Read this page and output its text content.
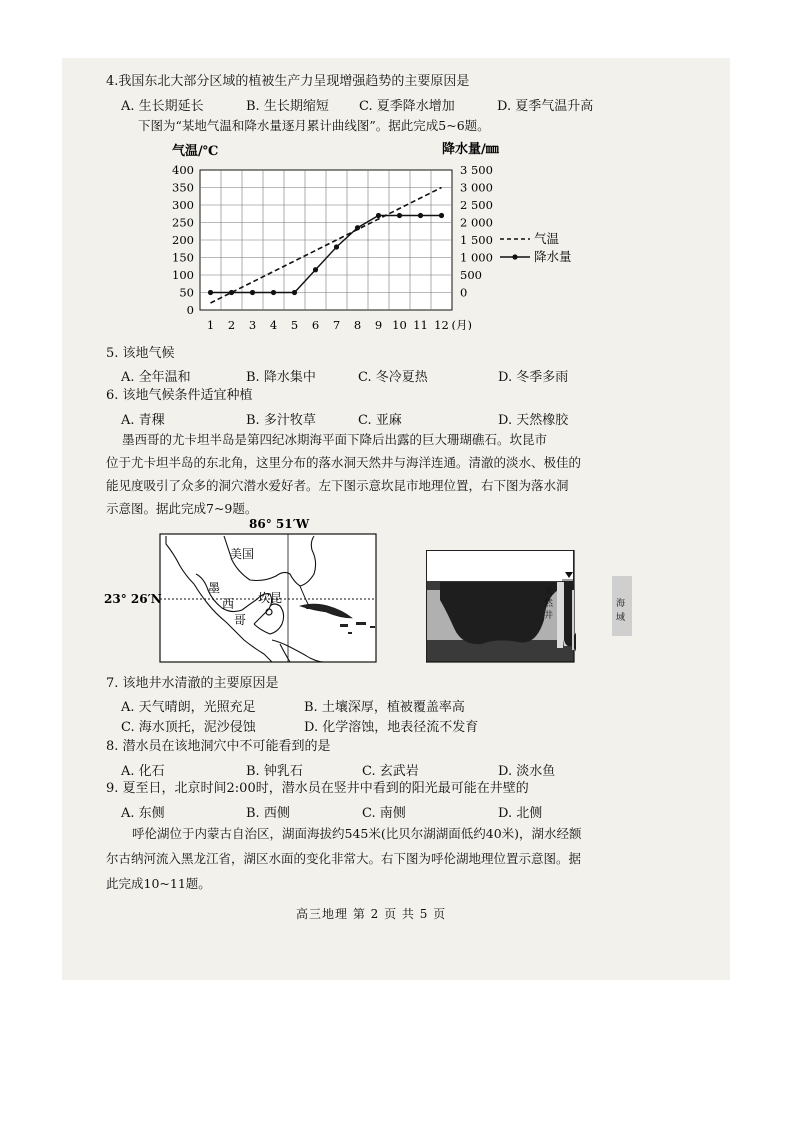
4.我国东北大部分区域的植被生产力呈现增强趋势的主要原因是
A. 生长期延长	B. 生长期缩短 C. 夏季降水增加	D. 夏季气温升高
下图为“某地气温和降水量逐月累计曲线图”。据此完成5~6题。
气温/℃	降水量/㎜
400
350
300
250
200
150
100
50
0
3 500
3 000
2 500
2 000
1 500
1 000
500
0
1 2 3 4 5 6 7 8 9 10 11 12 (月)
气温
降水量
5. 该地气候
A. 全年温和	B. 降水集中	C. 冬冷夏热	D. 冬季多雨
6. 该地气候条件适宜种植
A. 青稞	B. 多汁牧草	C. 亚麻	D. 天然橡胶
墨西哥的尤卡坦半岛是第四纪冰期海平面下降后出露的巨大珊瑚礁石。坎昆市
位于尤卡坦半岛的东北角，这里分布的落水洞天然井与海洋连通。清澈的淡水、极佳的
能见度吸引了众多的洞穴潜水爱好者。左下图示意坎昆市地理位置，右下图为落水洞
示意图。据此完成7~9题。
86° 51′W
23° 26′N
美国
墨
西
哥
坎昆	天
然
井
海
域
7. 该地井水清澈的主要原因是
A. 天气晴朗，光照充足	B. 土壤深厚，植被覆盖率高
C. 海水顶托，泥沙侵蚀	D. 化学溶蚀，地表径流不发育
8. 潜水员在该地洞穴中不可能看到的是
A. 化石	B. 钟乳石	C. 玄武岩	D. 淡水鱼
9. 夏至日，北京时间2:00时，潜水员在竖井中看到的阳光最可能在井壁的
A. 东侧	B. 西侧	C. 南侧	D. 北侧
呼伦湖位于内蒙古自治区，湖面海拔约545米(比贝尔湖湖面低约40米)，湖水经额
尔古纳河流入黑龙江省，湖区水面的变化非常大。右下图为呼伦湖地理位置示意图。据
此完成10~11题。
高三地理 第 2 页 共 5 页
